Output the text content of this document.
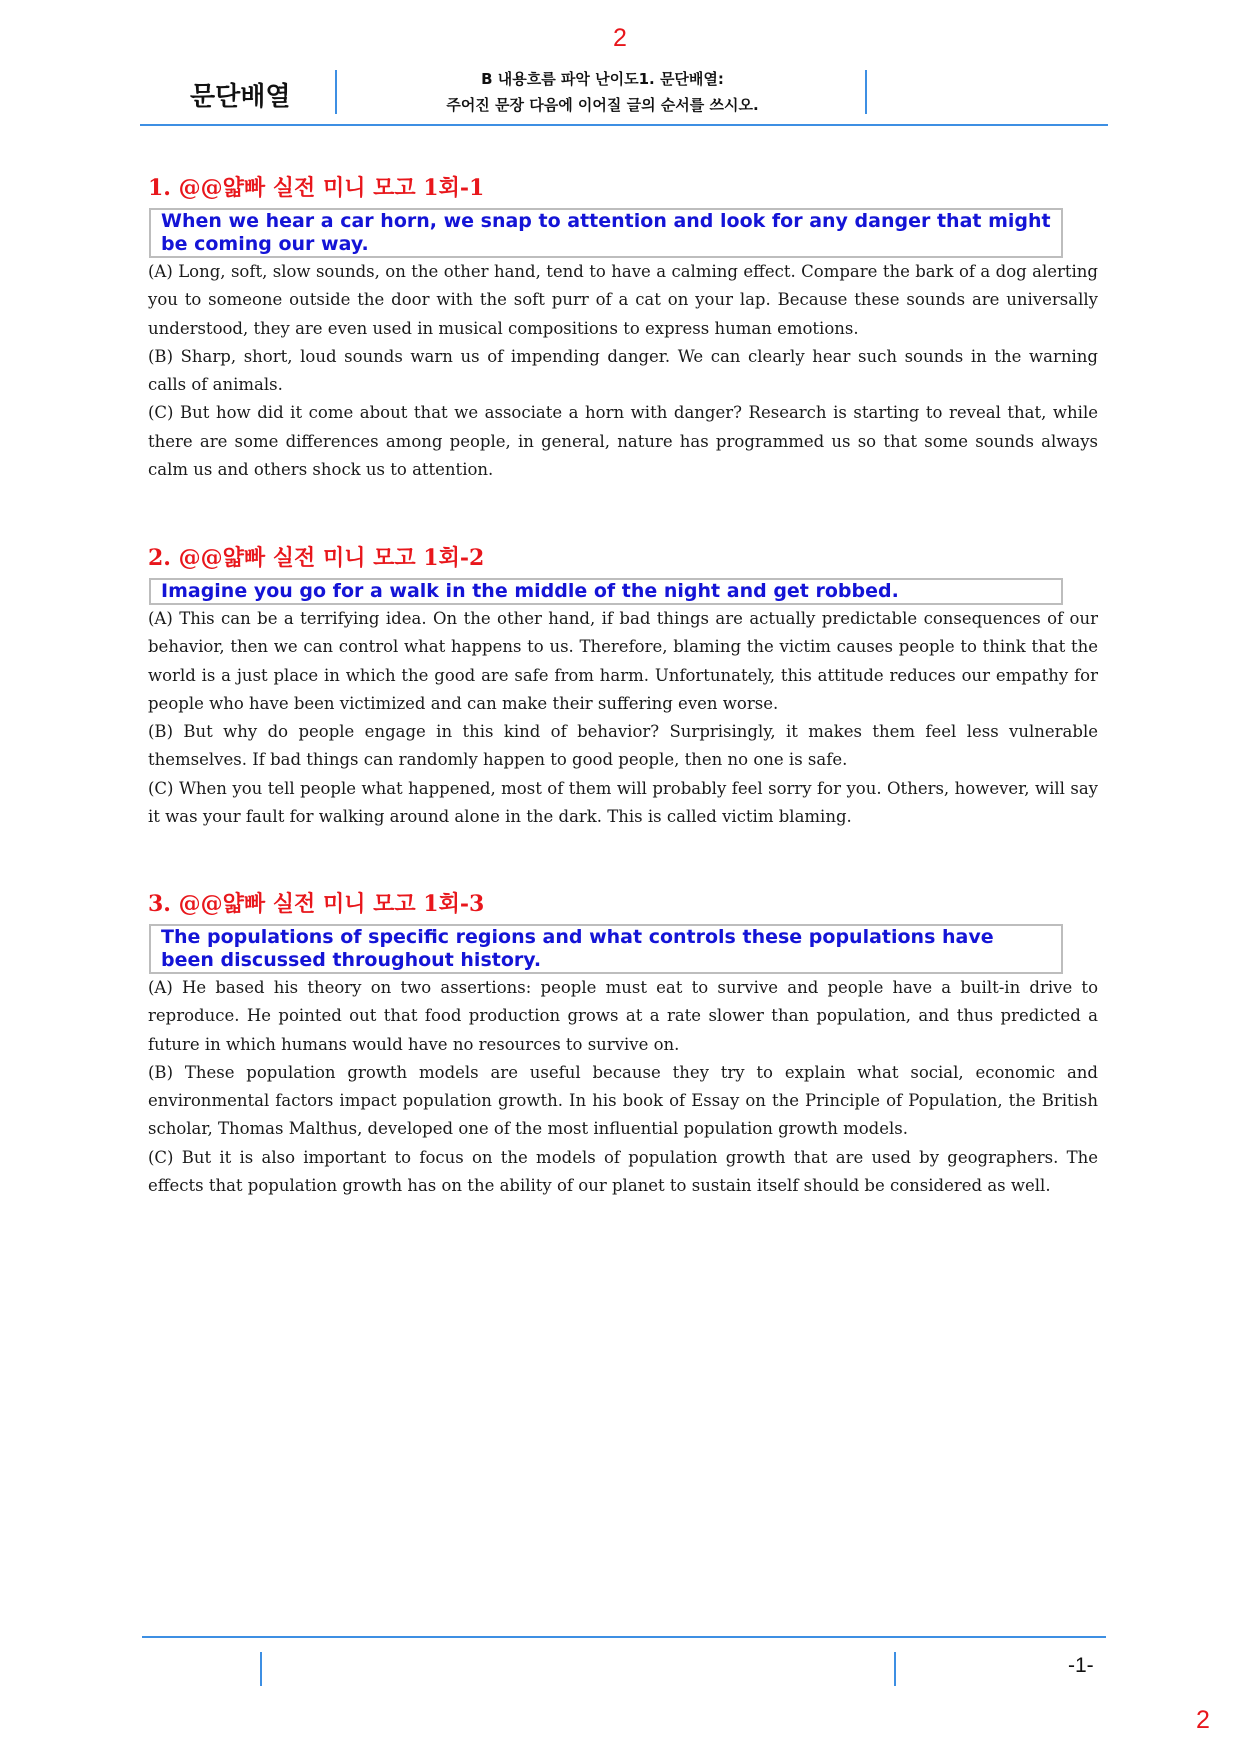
2
문단배열
B 내용흐름 파악 난이도1. 문단배열:
주어진 문장 다음에 이어질 글의 순서를 쓰시오.
1. @@얇빠 실전 미니 모고 1회-1
When we hear a car horn, we snap to attention and look for any danger that might be coming our way.

(A) Long, soft, slow sounds, on the other hand, tend to have a calming effect. Compare the bark of a dog alerting you to someone outside the door with the soft purr of a cat on your lap. Because these sounds are universally understood, they are even used in musical compositions to express human emotions.

(B) Sharp, short, loud sounds warn us of impending danger. We can clearly hear such sounds in the warning calls of animals.

(C) But how did it come about that we associate a horn with danger? Research is starting to reveal that, while there are some differences among people, in general, nature has programmed us so that some sounds always calm us and others shock us to attention.

2. @@얇빠 실전 미니 모고 1회-2
Imagine you go for a walk in the middle of the night and get robbed.

(A) This can be a terrifying idea. On the other hand, if bad things are actually predictable consequences of our behavior, then we can control what happens to us. Therefore, blaming the victim causes people to think that the world is a just place in which the good are safe from harm. Unfortunately, this attitude reduces our empathy for people who have been victimized and can make their suffering even worse.

(B) But why do people engage in this kind of behavior? Surprisingly, it makes them feel less vulnerable themselves. If bad things can randomly happen to good people, then no one is safe.

(C) When you tell people what happened, most of them will probably feel sorry for you. Others, however, will say it was your fault for walking around alone in the dark. This is called victim blaming.

3. @@얇빠 실전 미니 모고 1회-3
The populations of specific regions and what controls these populations have been discussed throughout history.

(A) He based his theory on two assertions: people must eat to survive and people have a built-in drive to reproduce. He pointed out that food production grows at a rate slower than population, and thus predicted a future in which humans would have no resources to survive on.

(B) These population growth models are useful because they try to explain what social, economic and environmental factors impact population growth. In his book of Essay on the Principle of Population, the British scholar, Thomas Malthus, developed one of the most influential population growth models.

(C) But it is also important to focus on the models of population growth that are used by geographers. The effects that population growth has on the ability of our planet to sustain itself should be considered as well.

-1-
2
